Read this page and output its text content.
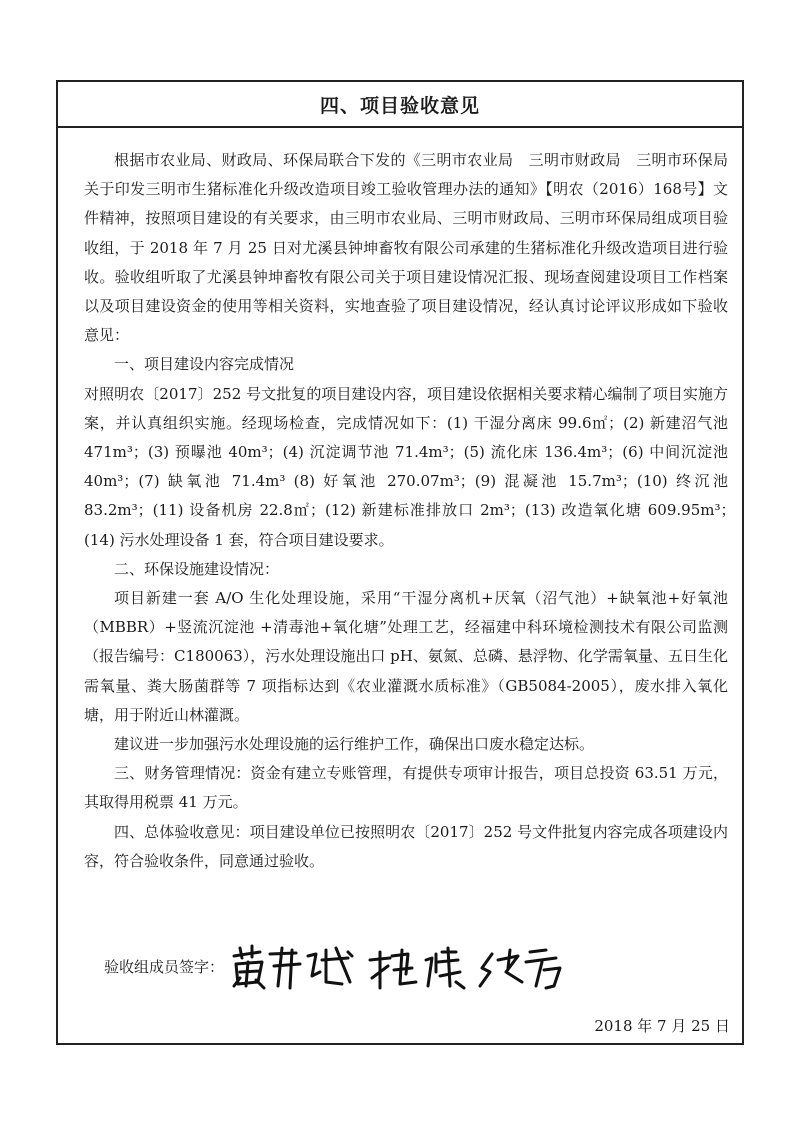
四、项目验收意见

根据市农业局、财政局、环保局联合下发的《三明市农业局　三明市财政局　三明市环保局关于印发三明市生猪标准化升级改造项目竣工验收管理办法的通知》【明农（2016）168号】文件精神，按照项目建设的有关要求，由三明市农业局、三明市财政局、三明市环保局组成项目验收组，于 2018 年 7 月 25 日对尤溪县钟坤畜牧有限公司承建的生猪标准化升级改造项目进行验收。验收组听取了尤溪县钟坤畜牧有限公司关于项目建设情况汇报、现场查阅建设项目工作档案以及项目建设资金的使用等相关资料，实地查验了项目建设情况，经认真讨论评议形成如下验收意见：

一、项目建设内容完成情况

对照明农〔2017〕252 号文批复的项目建设内容，项目建设依据相关要求精心编制了项目实施方案，并认真组织实施。经现场检查，完成情况如下：(1) 干湿分离床 99.6㎡；(2) 新建沼气池 471m³；(3) 预曝池 40m³；(4) 沉淀调节池 71.4m³；(5) 流化床 136.4m³；(6) 中间沉淀池 40m³；(7) 缺氧池 71.4m³ (8) 好氧池 270.07m³；(9) 混凝池 15.7m³；(10) 终沉池 83.2m³；(11) 设备机房 22.8㎡；(12) 新建标准排放口 2m³；(13) 改造氧化塘 609.95m³；　(14) 污水处理设备 1 套，符合项目建设要求。

二、环保设施建设情况：

项目新建一套 A/O 生化处理设施，采用“干湿分离机+厌氧（沼气池）+缺氧池+好氧池（MBBR）+竖流沉淀池 +清毒池+氧化塘”处理工艺，经福建中科环境检测技术有限公司监测（报告编号：C180063），污水处理设施出口 pH、氨氮、总磷、悬浮物、化学需氧量、五日生化需氧量、粪大肠菌群等 7 项指标达到《农业灌溉水质标准》（GB5084-2005），废水排入氧化塘，用于附近山林灌溉。

建议进一步加强污水处理设施的运行维护工作，确保出口废水稳定达标。

三、财务管理情况：资金有建立专账管理，有提供专项审计报告，项目总投资 63.51 万元，其取得用税票 41 万元。

四、总体验收意见：项目建设单位已按照明农〔2017〕252 号文件批复内容完成各项建设内容，符合验收条件，同意通过验收。

验收组成员签字：
2018 年 7 月 25 日
